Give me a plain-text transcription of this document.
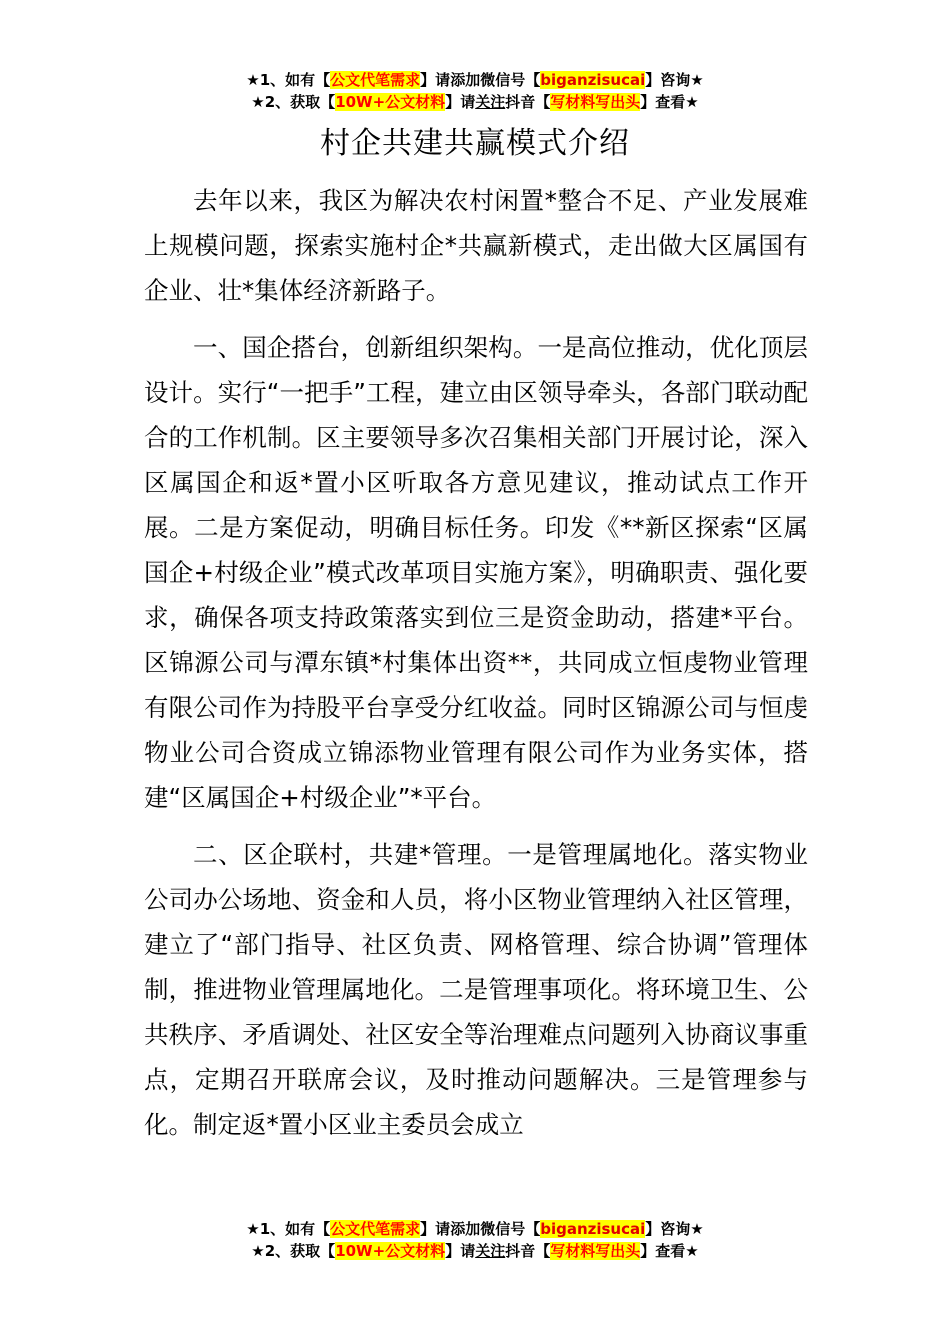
★1、如有【公文代笔需求】请添加微信号【biganzisucai】咨询★
★2、获取【10W+公文材料】请关注抖音【写材料写出头】查看★
村企共建共赢模式介绍

去年以来，我区为解决农村闲置*整合不足、产业发展难上规模问题，探索实施村企*共赢新模式，走出做大区属国有企业、壮*集体经济新路子。

一、国企搭台，创新组织架构。一是高位推动，优化顶层设计。实行“一把手”工程，建立由区领导牵头，各部门联动配合的工作机制。区主要领导多次召集相关部门开展讨论，深入区属国企和返*置小区听取各方意见建议，推动试点工作开展。二是方案促动，明确目标任务。印发《**新区探索“区属国企+村级企业”模式改革项目实施方案》，明确职责、强化要求，确保各项支持政策落实到位三是资金助动，搭建*平台。区锦源公司与潭东镇*村集体出资**，共同成立恒虔物业管理有限公司作为持股平台享受分红收益。同时区锦源公司与恒虔物业公司合资成立锦添物业管理有限公司作为业务实体，搭建“区属国企+村级企业”*平台。

二、区企联村，共建*管理。一是管理属地化。落实物业公司办公场地、资金和人员，将小区物业管理纳入社区管理，建立了“部门指导、社区负责、网格管理、综合协调”管理体制，推进物业管理属地化。二是管理事项化。将环境卫生、公共秩序、矛盾调处、社区安全等治理难点问题列入协商议事重点，定期召开联席会议，及时推动问题解决。三是管理参与化。制定返*置小区业主委员会成立

★1、如有【公文代笔需求】请添加微信号【biganzisucai】咨询★
★2、获取【10W+公文材料】请关注抖音【写材料写出头】查看★
